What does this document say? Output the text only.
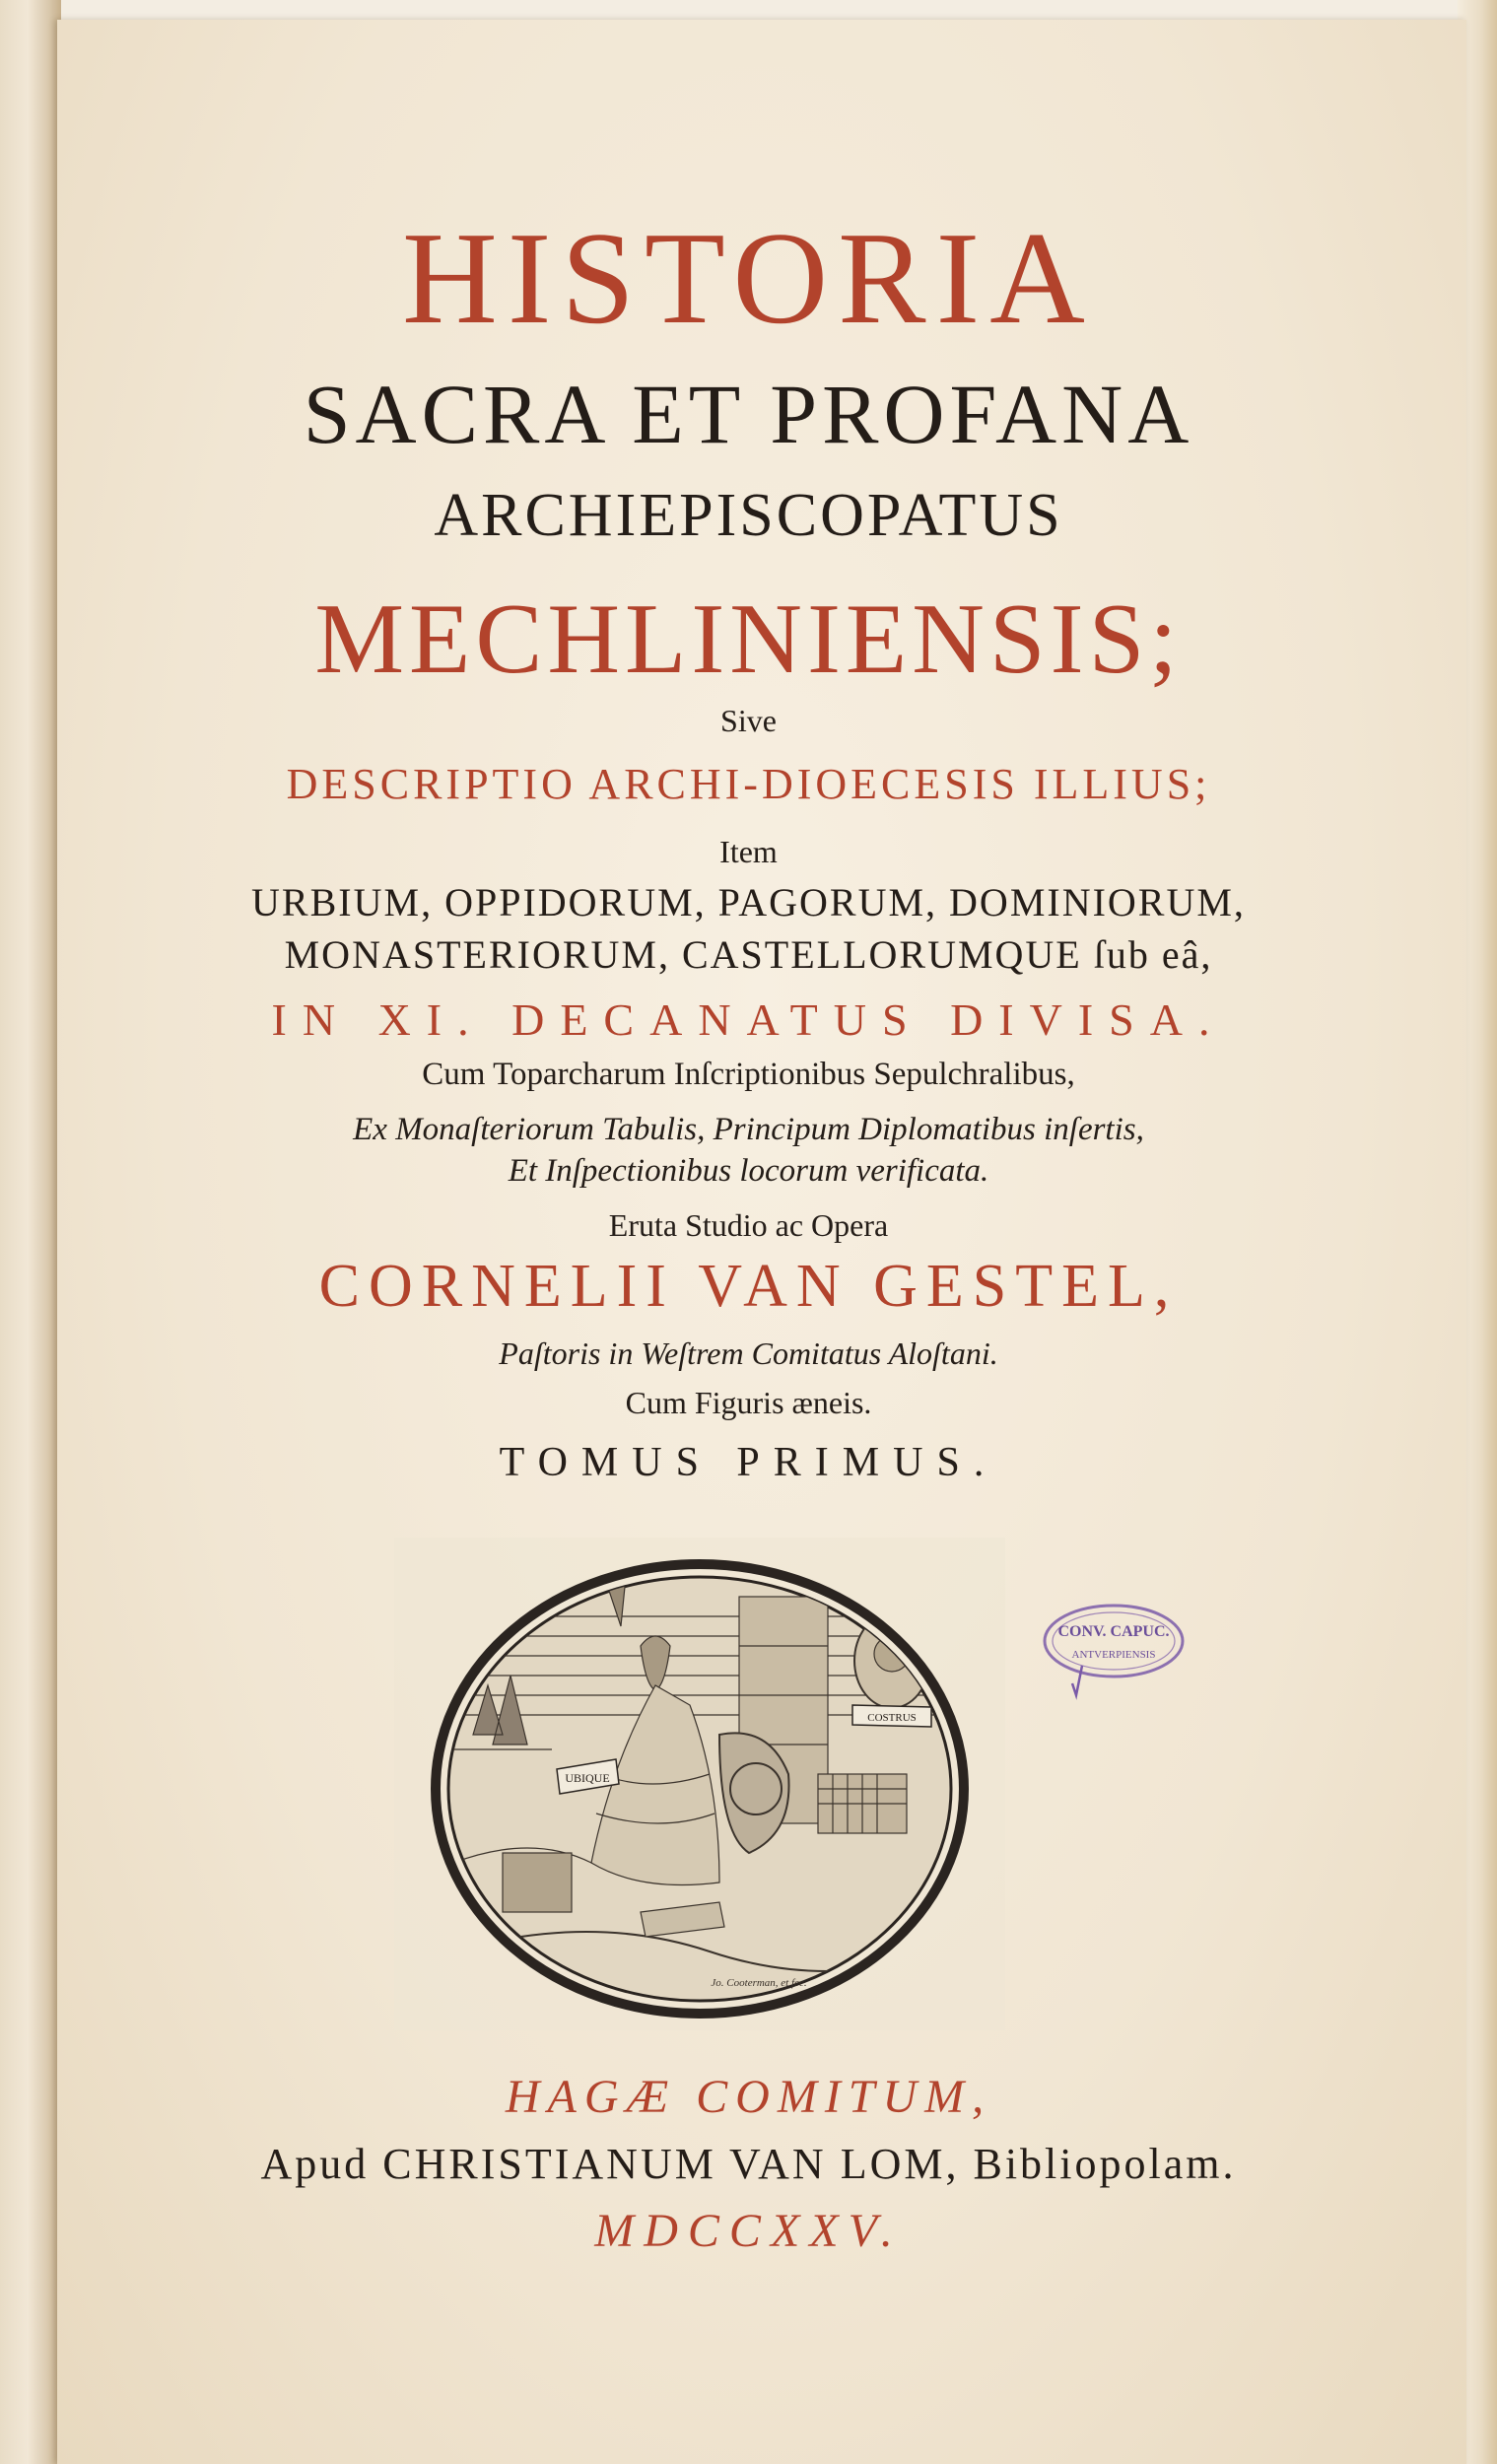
HISTORIA
SACRA ET PROFANA
ARCHIEPISCOPATUS
MECHLINIENSIS;
Sive
DESCRIPTIO ARCHI-DIOECESIS ILLIUS;
Item
URBIUM, OPPIDORUM, PAGORUM, DOMINIORUM,
MONASTERIORUM, CASTELLORUMQUE ſub eâ,
IN XI. DECANATUS DIVISA.
Cum Toparcharum Inſcriptionibus Sepulchralibus,
Ex Monaſteriorum Tabulis, Principum Diplomatibus inſertis,
Et Inſpectionibus locorum verificata.
Eruta Studio ac Opera
CORNELII VAN GESTEL,
Paſtoris in Weſtrem Comitatus Aloſtani.
Cum Figuris æneis.
TOMUS PRIMUS.
UBIQUE
COSTRUS
Jo. Cooterman, et fec.
CONV. CAPUC.
ANTVERPIENSIS
HAGÆ COMITUM,
Apud CHRISTIANUM VAN LOM, Bibliopolam.
MDCCXXV.
